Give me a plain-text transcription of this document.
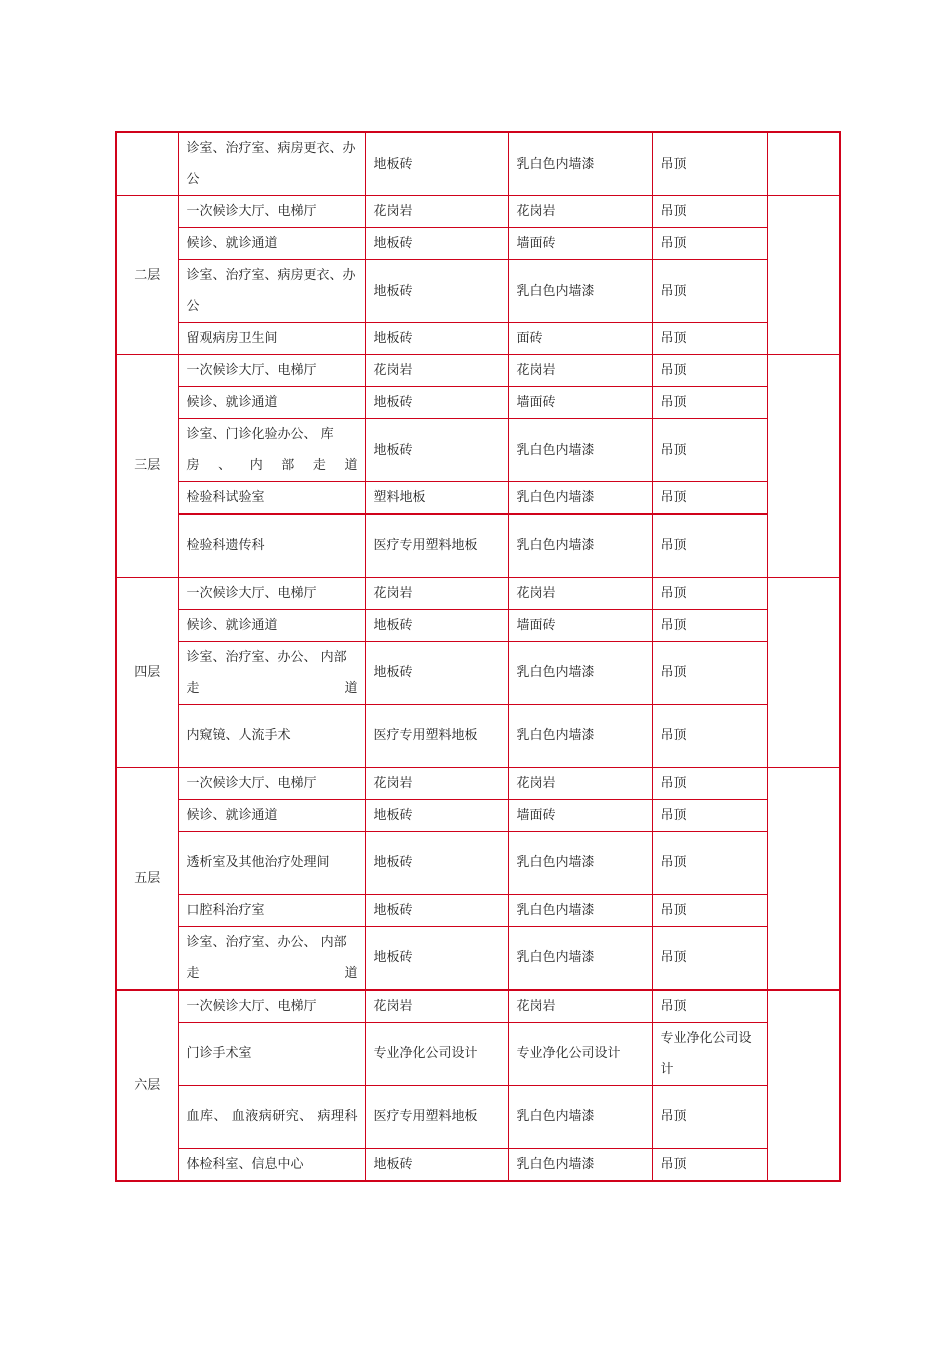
	诊室、治疗室、病房更衣、办公	地板砖	乳白色内墙漆	吊顶	
二层	一次候诊大厅、电梯厅	花岗岩	花岗岩	吊顶	
	候诊、就诊通道	地板砖	墙面砖	吊顶	
	诊室、治疗室、病房更衣、办公	地板砖	乳白色内墙漆	吊顶	
	留观病房卫生间	地板砖	面砖	吊顶	
三层	一次候诊大厅、电梯厅	花岗岩	花岗岩	吊顶	
	候诊、就诊通道	地板砖	墙面砖	吊顶	
	诊室、门诊化验办公、 库房、内部走道	地板砖	乳白色内墙漆	吊顶	
	检验科试验室	塑料地板	乳白色内墙漆	吊顶	
	检验科遗传科	医疗专用塑料地板	乳白色内墙漆	吊顶	
四层	一次候诊大厅、电梯厅	花岗岩	花岗岩	吊顶	
	候诊、就诊通道	地板砖	墙面砖	吊顶	
	诊室、治疗室、办公、 内部走道	地板砖	乳白色内墙漆	吊顶	
	内窥镜、人流手术	医疗专用塑料地板	乳白色内墙漆	吊顶	
五层	一次候诊大厅、电梯厅	花岗岩	花岗岩	吊顶	
	候诊、就诊通道	地板砖	墙面砖	吊顶	
	透析室及其他治疗处理间	地板砖	乳白色内墙漆	吊顶	
	口腔科治疗室	地板砖	乳白色内墙漆	吊顶	
	诊室、治疗室、办公、 内部走道	地板砖	乳白色内墙漆	吊顶	
六层	一次候诊大厅、电梯厅	花岗岩	花岗岩	吊顶	
	门诊手术室	专业净化公司设计	专业净化公司设计	专业净化公司设计	
	血库、 血液病研究、 病理科	医疗专用塑料地板	乳白色内墙漆	吊顶	
	体检科室、信息中心	地板砖	乳白色内墙漆	吊顶	
